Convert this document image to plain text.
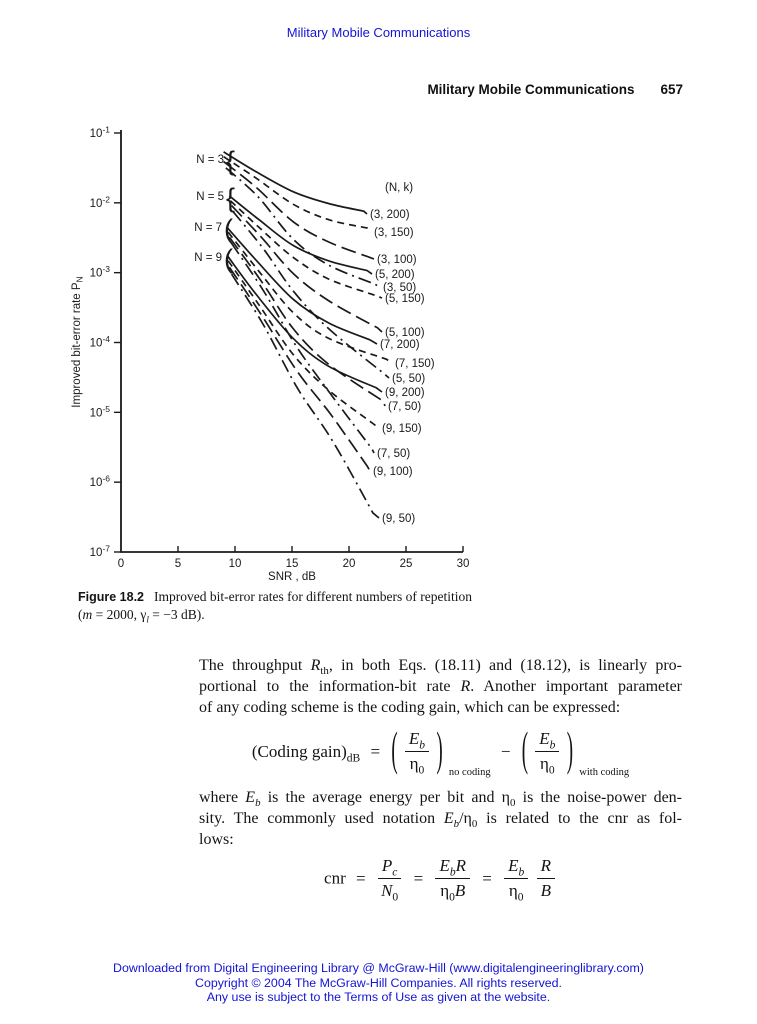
Military Mobile Communications
Military Mobile Communications 657
$10^{-1}$
$10^{-2}$
$10^{-3}$
$10^{-4}$
$10^{-5}$
$10^{-6}$
$10^{-7}$
0	5	10	15	20	25	30
SNR , dB
Improved bit-error rate $P_N$
(N, k)
N = 3 {
N = 5 {
N = 7 (
N = 9 (
(3, 200)
(3, 150)
(3, 100)
(3, 50)
(5, 200)
(5, 150)
(5, 100)
(5, 50)
(7, 200)
(7, 150)
(7, 50)
(7, 50)
(9, 200)
(9, 150)
(9, 100)
(9, 50)
Figure 18.2 Improved bit-error rates for different numbers of repetition
(m = 2000, $\gamma_l = -3$ dB).
The throughput $R_{th}$, in both Eqs. (18.11) and (18.12), is linearly pro-
portional to the information-bit rate R. Another important parameter
of any coding scheme is the coding gain, which can be expressed:
(Coding $gain)_{dB}$ = ( $\frac{E_b}{\eta_0}$ ) $_{no coding}$ − ( $\frac{E_b}{\eta_0}$ ) $_{with coding}$
where $E_b$ is the average energy per bit and $\eta_0$ is the noise-power den-
sity. The commonly used notation $E_b/\eta_0$ is related to the cnr as fol-
lows:
cnr = $\frac{P_c}{N_0} = \frac{E_bR}{\eta_0B} = \frac{E_b}{\eta_0}$
$\frac{R}{B}$
Downloaded from Digital Engineering Library @ McGraw-Hill (www.digitalengineeringlibrary.com)
Copyright © 2004 The McGraw-Hill Companies. All rights reserved.
Any use is subject to the Terms of Use as given at the website.
